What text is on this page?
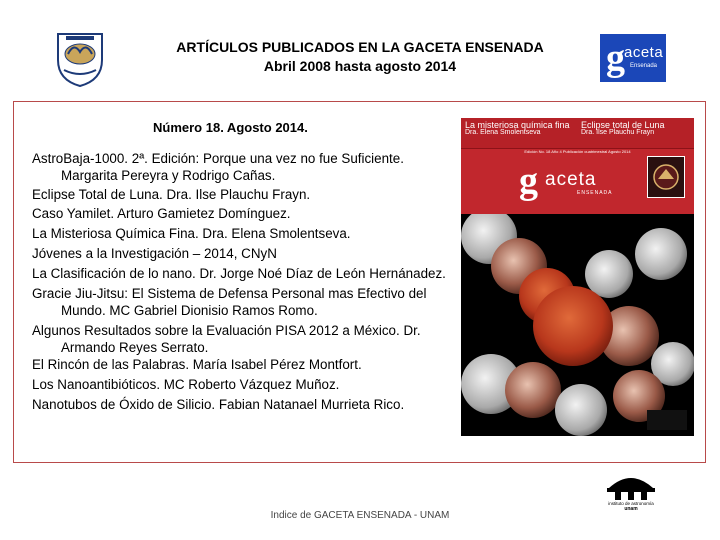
ARTÍCULOS PUBLICADOS EN LA GACETA ENSENADA
Abril 2008 hasta agosto 2014	g aceta
Ensenada
Número 18. Agosto 2014.
AstroBaja-1000. 2ª. Edición: Porque una vez no fue Suficiente. Margarita Pereyra y Rodrigo Cañas.
Eclipse Total de Luna. Dra. Ilse Plauchu Frayn.
Caso Yamilet. Arturo Gamietez Domínguez.
La Misteriosa Química Fina. Dra. Elena Smolentseva.
Jóvenes a la Investigación – 2014, CNyN
La Clasificación de lo nano. Dr. Jorge Noé Díaz de León Hernánadez.
Gracie Jiu-Jitsu: El Sistema de Defensa Personal mas Efectivo del Mundo. MC Gabriel Dionisio Ramos Romo.
Algunos Resultados sobre la Evaluación PISA 2012 a México. Dr. Armando Reyes Serrato.
El Rincón de las Palabras. María Isabel Pérez Montfort.
Los Nanoantibióticos. MC Roberto Vázquez Muñoz.
Nanotubos de Óxido de Silicio. Fabian Natanael Murrieta Rico.
La misteriosa química fina
Dra. Elena Smolentseva
Eclipse total de Luna
Dra. Ilse Plauchu Frayn
Edición No. 18 Año 4 Publicación cuatrimestral Agosto 2014
g aceta
ENSENADA
Indice de GACETA ENSENADA - UNAM
instituto de astronomía
unam
